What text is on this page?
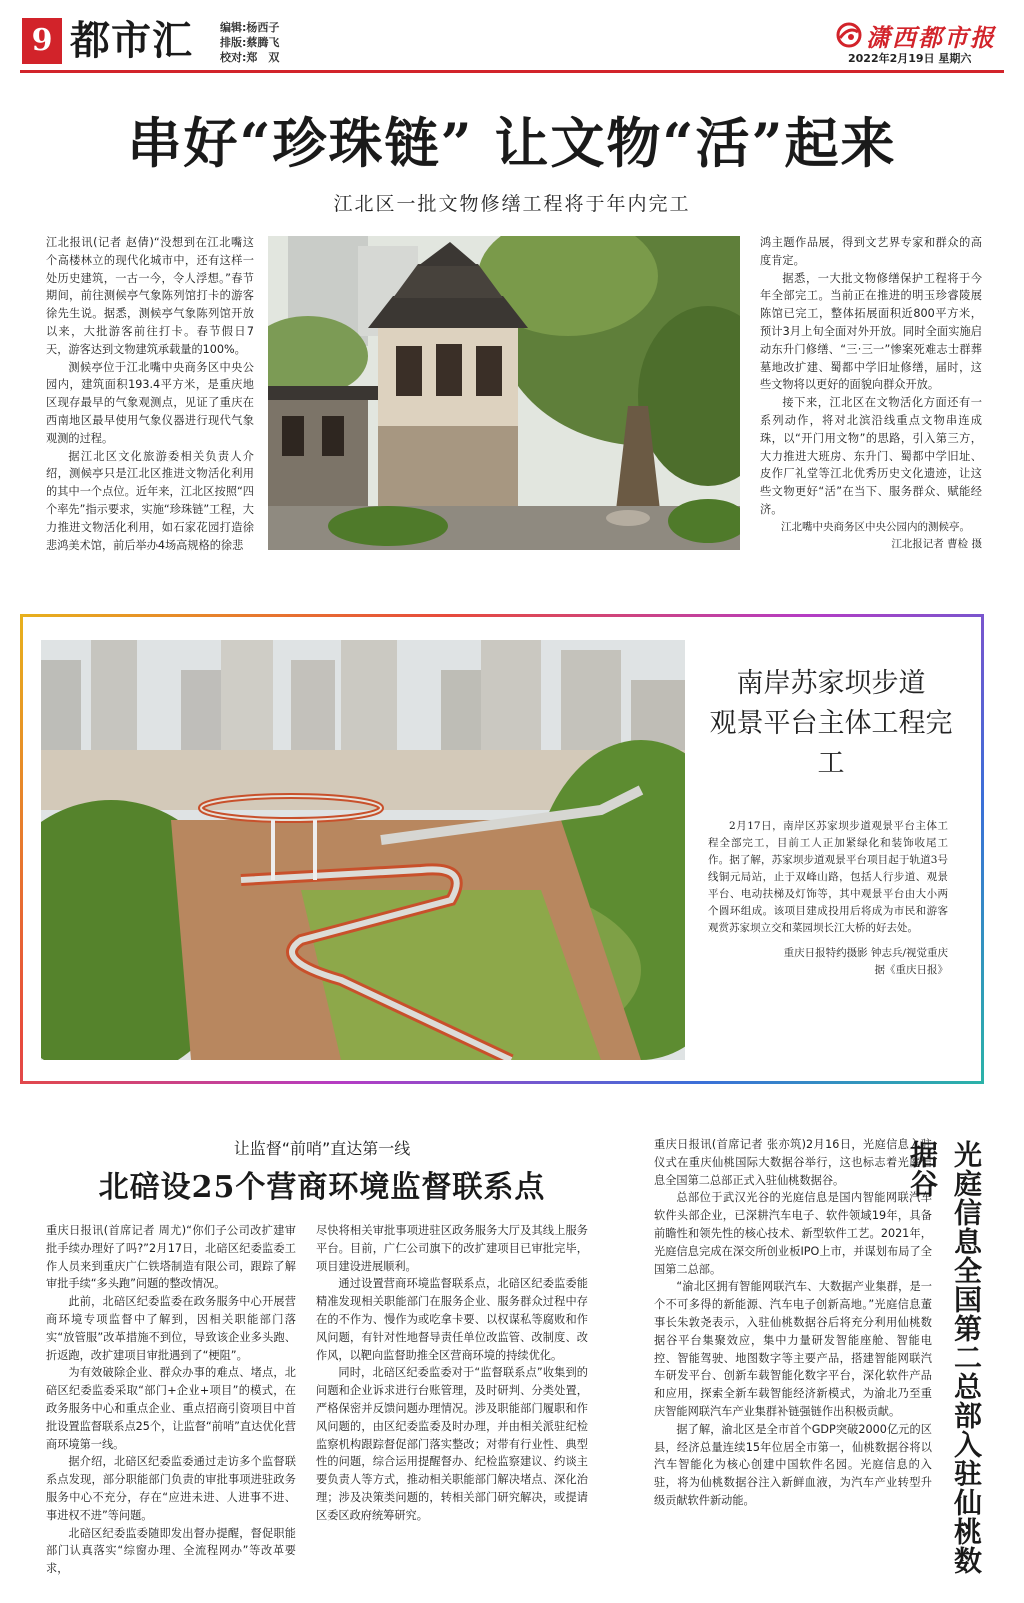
9 都市汇 编辑:杨西子
排版:蔡腾飞
校对:郑　双
潇西都市报
2022年2月19日 星期六
串好“珍珠链” 让文物“活”起来
江北区一批文物修缮工程将于年内完工

江北报讯(记者 赵倩)“没想到在江北嘴这个高楼林立的现代化城市中，还有这样一处历史建筑，一古一今，令人浮想。”春节期间，前往测候亭气象陈列馆打卡的游客徐先生说。据悉，测候亭气象陈列馆开放以来，大批游客前往打卡。春节假日7天，游客达到文物建筑承载量的100%。

测候亭位于江北嘴中央商务区中央公园内，建筑面积193.4平方米，是重庆地区现存最早的气象观测点，见证了重庆在西南地区最早使用气象仪器进行现代气象观测的过程。

据江北区文化旅游委相关负责人介绍，测候亭只是江北区推进文物活化利用的其中一个点位。近年来，江北区按照“四个率先”指示要求，实施“珍珠链”工程，大力推进文物活化利用，如石家花园打造徐悲鸿美术馆，前后举办4场高规格的徐悲

鸿主题作品展，得到文艺界专家和群众的高度肯定。

据悉，一大批文物修缮保护工程将于今年全部完工。当前正在推进的明玉珍睿陵展陈馆已完工，整体拓展面积近800平方米，预计3月上旬全面对外开放。同时全面实施启动东升门修缮、“三·三一”惨案死难志士群葬墓地改扩建、蜀都中学旧址修缮，届时，这些文物将以更好的面貌向群众开放。

接下来，江北区在文物活化方面还有一系列动作，将对北滨沿线重点文物串连成珠，以“开门用文物”的思路，引入第三方，大力推进大班房、东升门、蜀都中学旧址、皮作厂礼堂等江北优秀历史文化遗迹，让这些文物更好“活”在当下、服务群众、赋能经济。

江北嘴中央商务区中央公园内的测候亭。

江北报记者 曹检 摄

南岸苏家坝步道
观景平台主体工程完工

2月17日，南岸区苏家坝步道观景平台主体工程全部完工，目前工人正加紧绿化和装饰收尾工作。据了解，苏家坝步道观景平台项目起于轨道3号线铜元局站，止于双峰山路，包括人行步道、观景平台、电动扶梯及灯饰等，其中观景平台由大小两个圆环组成。该项目建成投用后将成为市民和游客观赏苏家坝立交和菜园坝长江大桥的好去处。

重庆日报特约摄影 钟志兵/视觉重庆

据《重庆日报》

让监督“前哨”直达第一线
北碚设25个营商环境监督联系点

重庆日报讯(首席记者 周尤)“你们子公司改扩建审批手续办理好了吗?”2月17日，北碚区纪委监委工作人员来到重庆广仁铁塔制造有限公司，跟踪了解审批手续“多头跑”问题的整改情况。

此前，北碚区纪委监委在政务服务中心开展营商环境专项监督中了解到，因相关职能部门落实“放管服”改革措施不到位，导致该企业多头跑、折返跑，改扩建项目审批遇到了“梗阻”。

为有效破除企业、群众办事的难点、堵点，北碚区纪委监委采取“部门+企业+项目”的模式，在政务服务中心和重点企业、重点招商引资项目中首批设置监督联系点25个，让监督“前哨”直达优化营商环境第一线。

据介绍，北碚区纪委监委通过走访多个监督联系点发现，部分职能部门负责的审批事项进驻政务服务中心不充分，存在“应进未进、人进事不进、事进权不进”等问题。

北碚区纪委监委随即发出督办提醒，督促职能部门认真落实“综窗办理、全流程网办”等改革要求，

尽快将相关审批事项进驻区政务服务大厅及其线上服务平台。目前，广仁公司旗下的改扩建项目已审批完毕，项目建设进展顺利。

通过设置营商环境监督联系点，北碚区纪委监委能精准发现相关职能部门在服务企业、服务群众过程中存在的不作为、慢作为或吃拿卡要、以权谋私等腐败和作风问题，有针对性地督导责任单位改监管、改制度、改作风，以靶向监督助推全区营商环境的持续优化。

同时，北碚区纪委监委对于“监督联系点”收集到的问题和企业诉求进行台账管理，及时研判、分类处置，严格保密并反馈问题办理情况。涉及职能部门履职和作风问题的，由区纪委监委及时办理，并由相关派驻纪检监察机构跟踪督促部门落实整改；对带有行业性、典型性的问题，综合运用提醒督办、纪检监察建议、约谈主要负责人等方式，推动相关职能部门解决堵点、深化治理；涉及决策类问题的，转相关部门研究解决，或提请区委区政府统筹研究。

重庆日报讯(首席记者 张亦筑)2月16日，光庭信息入驻仪式在重庆仙桃国际大数据谷举行，这也标志着光庭信息全国第二总部正式入驻仙桃数据谷。

总部位于武汉光谷的光庭信息是国内智能网联汽车软件头部企业，已深耕汽车电子、软件领域19年，具备前瞻性和领先性的核心技术、新型软件工艺。2021年，光庭信息完成在深交所创业板IPO上市，并谋划布局了全国第二总部。

“渝北区拥有智能网联汽车、大数据产业集群，是一个不可多得的新能源、汽车电子创新高地。”光庭信息董事长朱敦尧表示，入驻仙桃数据谷后将充分利用仙桃数据谷平台集聚效应，集中力量研发智能座舱、智能电控、智能驾驶、地图数字等主要产品，搭建智能网联汽车研发平台、创新车载智能化数字平台，深化软件产品和应用，探索全新车载智能经济新模式，为渝北乃至重庆智能网联汽车产业集群补链强链作出积极贡献。

据了解，渝北区是全市首个GDP突破2000亿元的区县，经济总量连续15年位居全市第一，仙桃数据谷将以汽车智能化为核心创建中国软件名园。光庭信息的入驻，将为仙桃数据谷注入新鲜血液，为汽车产业转型升级贡献软件新动能。	光庭信息全国第二总部入驻仙桃数据谷
